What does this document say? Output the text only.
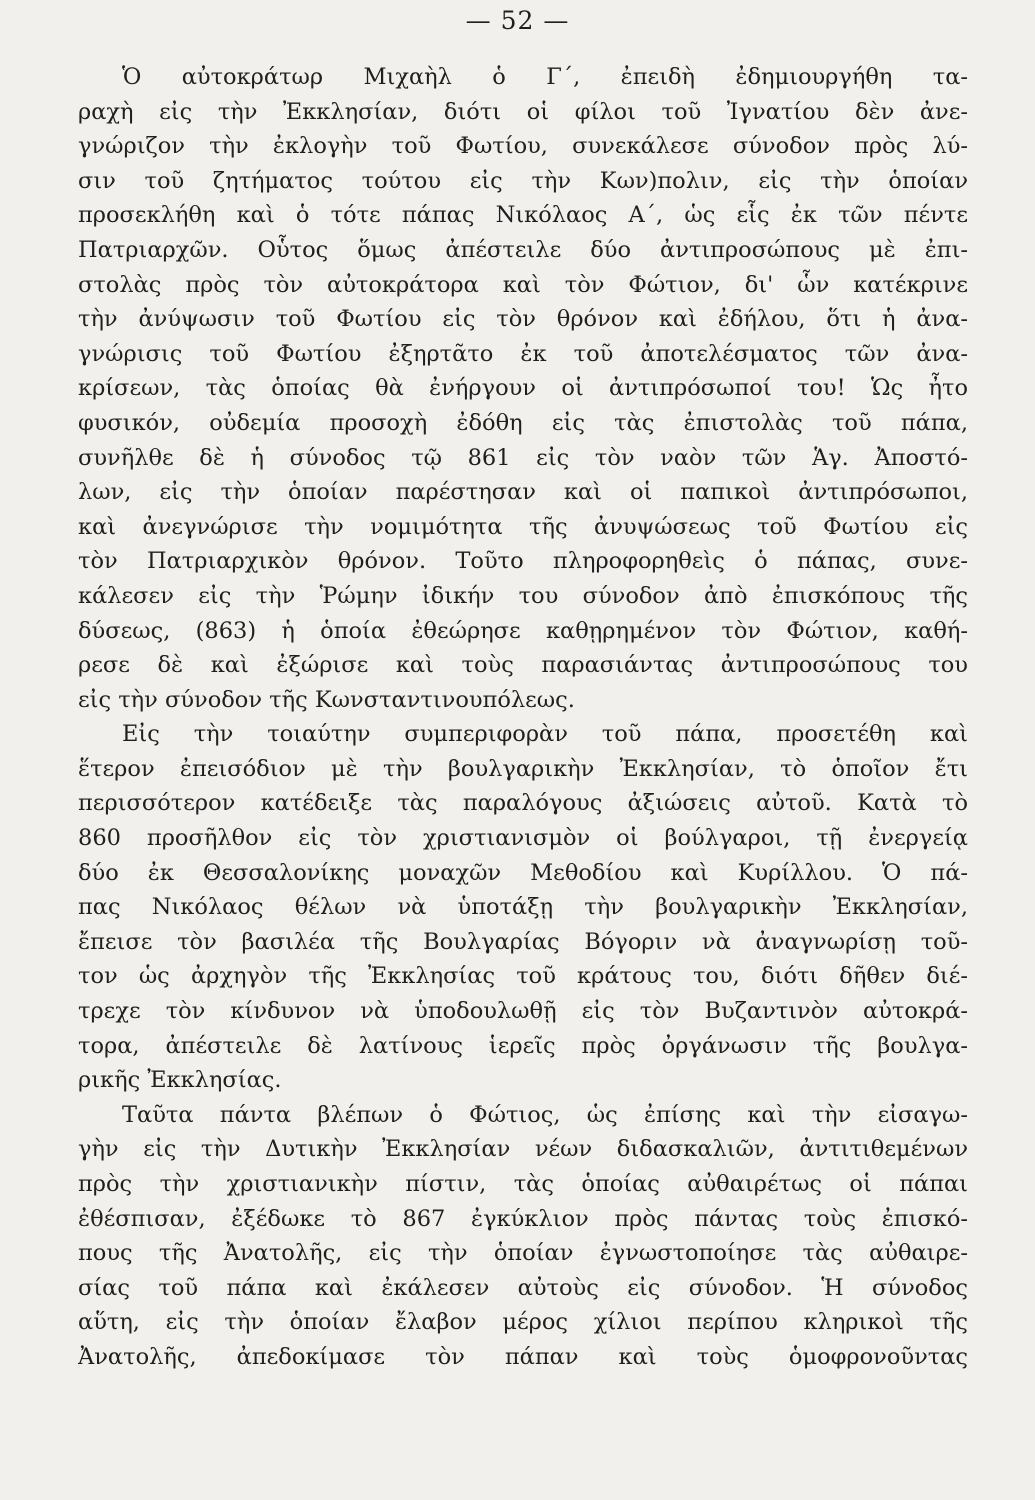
— 52 —

Ὁ αὐτοκράτωρ Μιχαὴλ ὁ Γ΄, ἐπειδὴ ἐδημιουργήθη τα-
ραχὴ εἰς τὴν Ἐκκλησίαν, διότι οἱ φίλοι τοῦ Ἰγνατίου δὲν ἀνε-
γνώριζον τὴν ἐκλογὴν τοῦ Φωτίου, συνεκάλεσε σύνοδον πρὸς λύ-
σιν τοῦ ζητήματος τούτου εἰς τὴν Κων)πολιν, εἰς τὴν ὁποίαν
προσεκλήθη καὶ ὁ τότε πάπας Νικόλαος Α΄, ὡς εἷς ἐκ τῶν πέντε
Πατριαρχῶν. Οὗτος ὅμως ἀπέστειλε δύο ἀντιπροσώπους μὲ ἐπι-
στολὰς πρὸς τὸν αὐτοκράτορα καὶ τὸν Φώτιον, δι' ὧν κατέκρινε
τὴν ἀνύψωσιν τοῦ Φωτίου εἰς τὸν θρόνον καὶ ἐδήλου, ὅτι ἡ ἀνα-
γνώρισις τοῦ Φωτίου ἐξηρτᾶτο ἐκ τοῦ ἀποτελέσματος τῶν ἀνα-
κρίσεων, τὰς ὁποίας θὰ ἐνήργουν οἱ ἀντιπρόσωποί του! Ὡς ἦτο
φυσικόν, οὐδεμία προσοχὴ ἐδόθη εἰς τὰς ἐπιστολὰς τοῦ πάπα,
συνῆλθε δὲ ἡ σύνοδος τῷ 861 εἰς τὸν ναὸν τῶν Ἁγ. Ἀποστό-
λων, εἰς τὴν ὁποίαν παρέστησαν καὶ οἱ παπικοὶ ἀντιπρόσωποι,
καὶ ἀνεγνώρισε τὴν νομιμότητα τῆς ἀνυψώσεως τοῦ Φωτίου εἰς
τὸν Πατριαρχικὸν θρόνον. Τοῦτο πληροφορηθεὶς ὁ πάπας, συνε-
κάλεσεν εἰς τὴν Ῥώμην ἰδικήν του σύνοδον ἀπὸ ἐπισκόπους τῆς
δύσεως, (863) ἡ ὁποία ἐθεώρησε καθῃρημένον τὸν Φώτιον, καθή-
ρεσε δὲ καὶ ἐξώρισε καὶ τοὺς παρασιάντας ἀντιπροσώπους του
εἰς τὴν σύνοδον τῆς Κωνσταντινουπόλεως.

Εἰς τὴν τοιαύτην συμπεριφορὰν τοῦ πάπα, προσετέθη καὶ
ἕτερον ἐπεισόδιον μὲ τὴν βουλγαρικὴν Ἐκκλησίαν, τὸ ὁποῖον ἔτι
περισσότερον κατέδειξε τὰς παραλόγους ἀξιώσεις αὐτοῦ. Κατὰ τὸ
860 προσῆλθον εἰς τὸν χριστιανισμὸν οἱ βούλγαροι, τῇ ἐνεργείᾳ
δύο ἐκ Θεσσαλονίκης μοναχῶν Μεθοδίου καὶ Κυρίλλου. Ὁ πά-
πας Νικόλαος θέλων νὰ ὑποτάξῃ τὴν βουλγαρικὴν Ἐκκλησίαν,
ἔπεισε τὸν βασιλέα τῆς Βουλγαρίας Βόγοριν νὰ ἀναγνωρίσῃ τοῦ-
τον ὡς ἀρχηγὸν τῆς Ἐκκλησίας τοῦ κράτους του, διότι δῆθεν διέ-
τρεχε τὸν κίνδυνον νὰ ὑποδουλωθῇ εἰς τὸν Βυζαντινὸν αὐτοκρά-
τορα, ἀπέστειλε δὲ λατίνους ἱερεῖς πρὸς ὀργάνωσιν τῆς βουλγα-
ρικῆς Ἐκκλησίας.

Ταῦτα πάντα βλέπων ὁ Φώτιος, ὡς ἐπίσης καὶ τὴν εἰσαγω-
γὴν εἰς τὴν Δυτικὴν Ἐκκλησίαν νέων διδασκαλιῶν, ἀντιτιθεμένων
πρὸς τὴν χριστιανικὴν πίστιν, τὰς ὁποίας αὐθαιρέτως οἱ πάπαι
ἐθέσπισαν, ἐξέδωκε τὸ 867 ἐγκύκλιον πρὸς πάντας τοὺς ἐπισκό-
πους τῆς Ἀνατολῆς, εἰς τὴν ὁποίαν ἐγνωστοποίησε τὰς αὐθαιρε-
σίας τοῦ πάπα καὶ ἐκάλεσεν αὐτοὺς εἰς σύνοδον. Ἡ σύνοδος
αὕτη, εἰς τὴν ὁποίαν ἔλαβον μέρος χίλιοι περίπου κληρικοὶ τῆς
Ἀνατολῆς, ἀπεδοκίμασε τὸν πάπαν καὶ τοὺς ὁμοφρονοῦντας
